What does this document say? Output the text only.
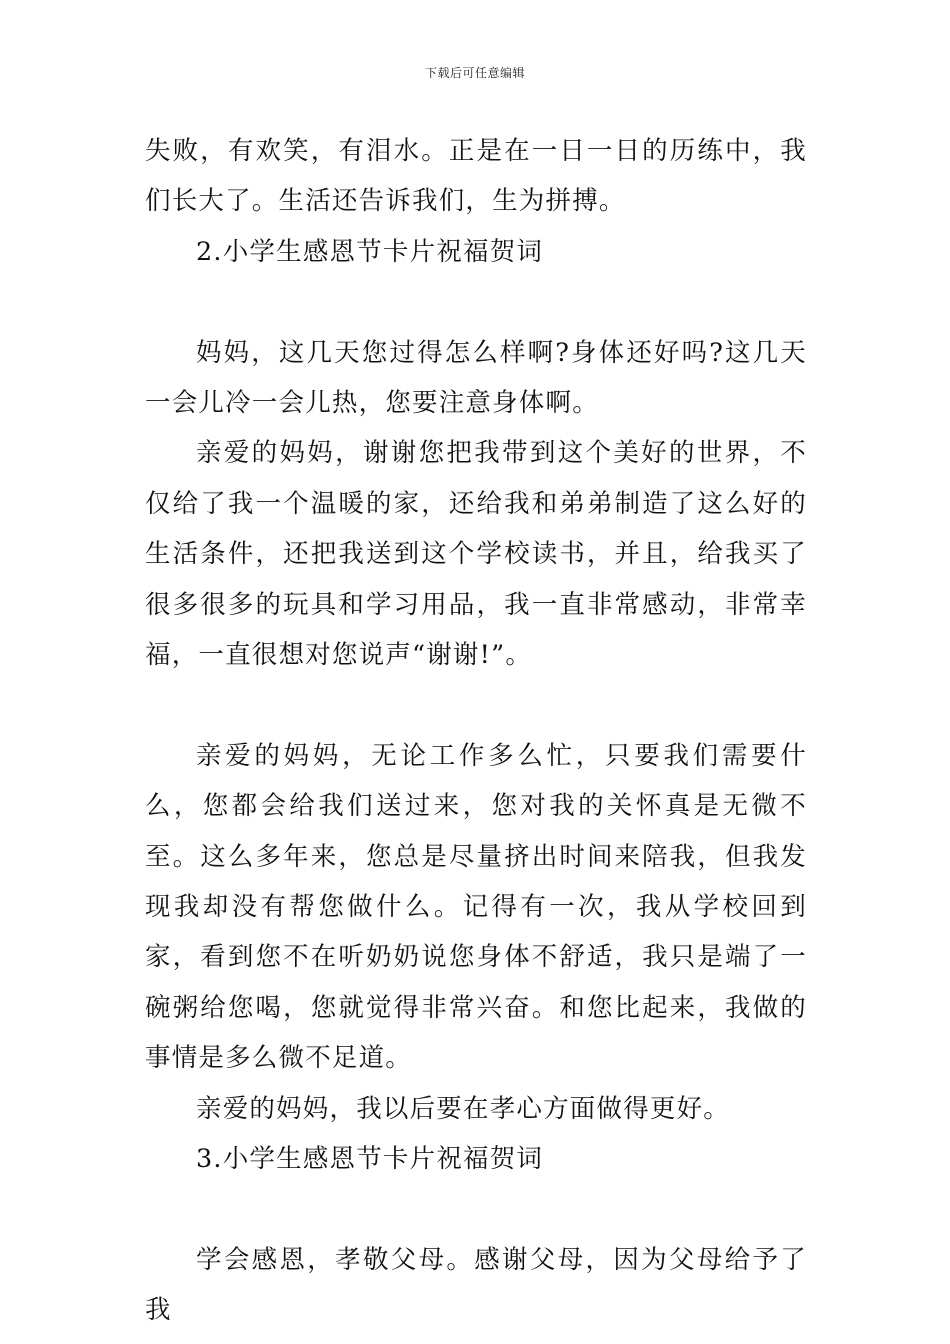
下载后可任意编辑

失败，有欢笑，有泪水。正是在一日一日的历练中，我们长大了。生活还告诉我们，生为拼搏。

2.小学生感恩节卡片祝福贺词

妈妈，这几天您过得怎么样啊?身体还好吗?这几天一会儿冷一会儿热，您要注意身体啊。

亲爱的妈妈，谢谢您把我带到这个美好的世界，不仅给了我一个温暖的家，还给我和弟弟制造了这么好的生活条件，还把我送到这个学校读书，并且，给我买了很多很多的玩具和学习用品，我一直非常感动，非常幸福，一直很想对您说声“谢谢!”。

亲爱的妈妈，无论工作多么忙，只要我们需要什么，您都会给我们送过来，您对我的关怀真是无微不至。这么多年来，您总是尽量挤出时间来陪我，但我发现我却没有帮您做什么。记得有一次，我从学校回到家，看到您不在听奶奶说您身体不舒适，我只是端了一碗粥给您喝，您就觉得非常兴奋。和您比起来，我做的事情是多么微不足道。

亲爱的妈妈，我以后要在孝心方面做得更好。

3.小学生感恩节卡片祝福贺词

学会感恩，孝敬父母。感谢父母，因为父母给予了我
